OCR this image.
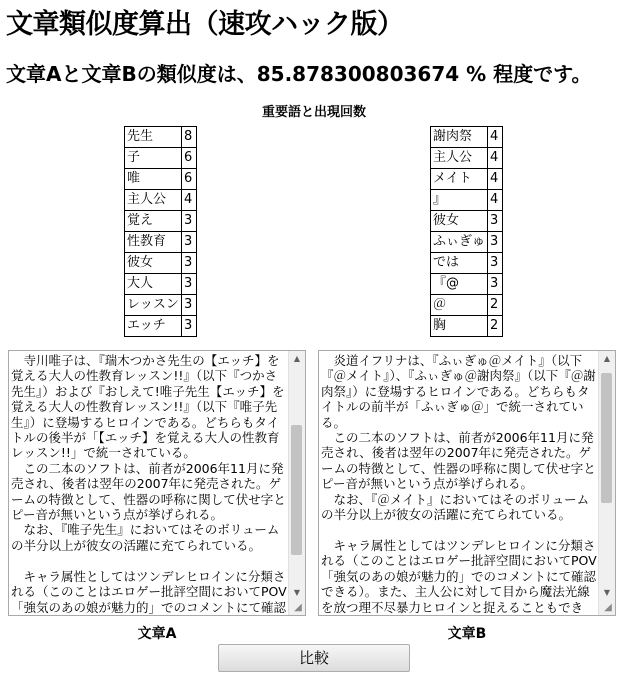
文章類似度算出（速攻ハック版）

文章Aと文章Bの類似度は、85.878300803674 % 程度です。

重要語と出現回数
先生	8
子	6
唯	6
主人公	4
覚え	3
性教育	3
彼女	3
大人	3
レッスン	3
エッチ	3
謝肉祭	4
主人公	4
メイト	4
』	4
彼女	3
ふぃぎゅ	3
では	3
『@	3
＠	2
胸	2
　寺川唯子は、『瑞木つかさ先生の【エッチ】を覚える大人の性教育レッスン!!』（以下『つかさ先生』）および『おしえて!唯子先生【エッチ】を覚える大人の性教育レッスン!!』（以下『唯子先生』）に登場するヒロインである。どちらもタイトルの後半が「【エッチ】を覚える大人の性教育レッスン!!」で統一されている。
　この二本のソフトは、前者が2006年11月に発売され、後者は翌年の2007年に発売された。ゲームの特徴として、性器の呼称に関して伏せ字とピー音が無いという点が挙げられる。
　なお、『唯子先生』においてはそのボリュームの半分以上が彼女の活躍に充てられている。

　キャラ属性としてはツンデレヒロインに分類される（このことはエロゲー批評空間においてPOV「強気のあの娘が魅力的」でのコメントにて確認
▲
▼
◢
　炎道イフリナは、『ふぃぎゅ＠メイト』（以下『＠メイト』）、『ふぃぎゅ＠謝肉祭』（以下『＠謝肉祭』）に登場するヒロインである。どちらもタイトルの前半が「ふぃぎゅ＠」で統一されている。
　この二本のソフトは、前者が2006年11月に発売され、後者は翌年の2007年に発売された。ゲームの特徴として、性器の呼称に関して伏せ字とピー音が無いという点が挙げられる。
　なお、『＠メイト』においてはそのボリュームの半分以上が彼女の活躍に充てられている。

　キャラ属性としてはツンデレヒロインに分類される（このことはエロゲー批評空間においてPOV「強気のあの娘が魅力的」でのコメントにて確認できる）。また、主人公に対して目から魔法光線を放つ理不尽暴力ヒロインと捉えることもでき

▲
▼
◢
文章A	文章B
比較
